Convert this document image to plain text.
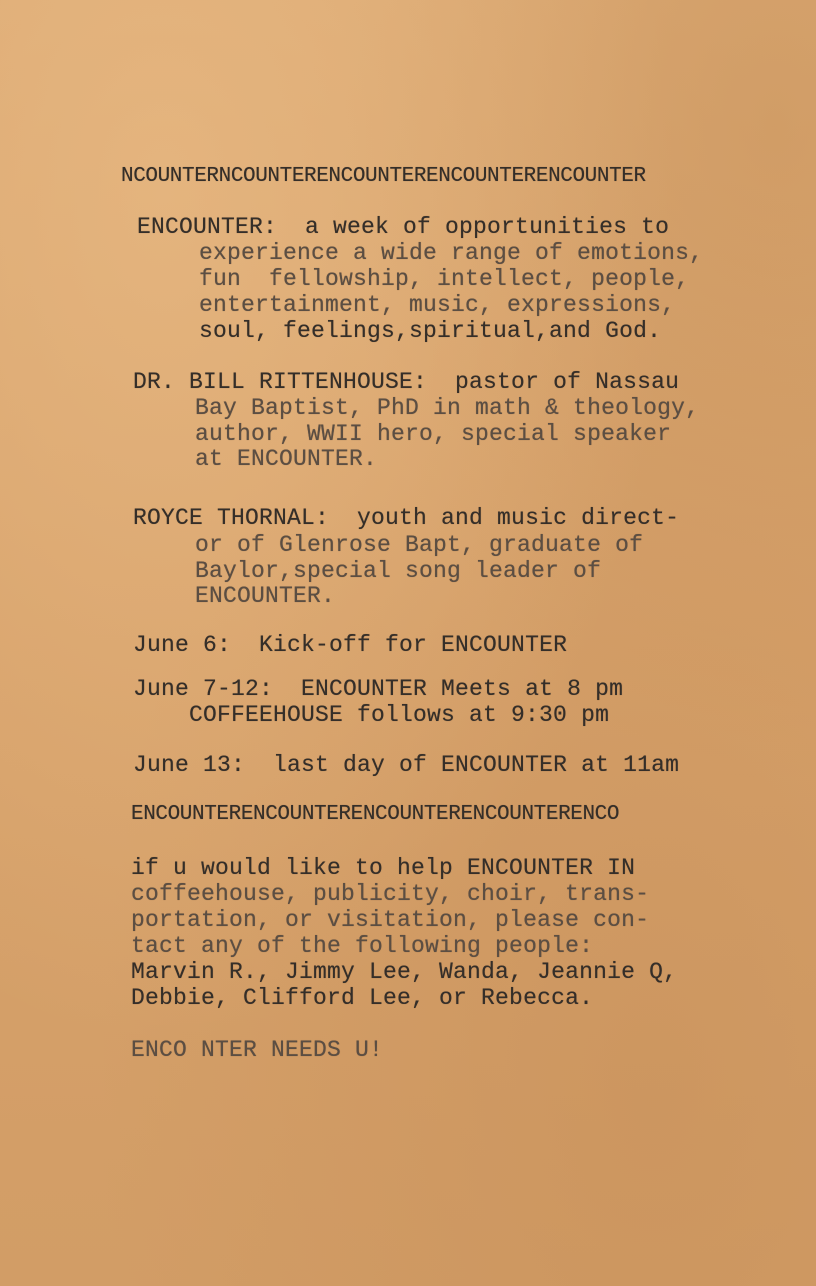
NCOUNTERNCOUNTERENCOUNTERENCOUNTERENCOUNTER
ENCOUNTER:  a week of opportunities to
experience a wide range of emotions,
fun  fellowship, intellect, people,
entertainment, music, expressions,
soul, feelings,spiritual,and God.
DR. BILL RITTENHOUSE:  pastor of Nassau
Bay Baptist, PhD in math & theology,
author, WWII hero, special speaker
at ENCOUNTER.
ROYCE THORNAL:  youth and music direct-
or of Glenrose Bapt, graduate of
Baylor,special song leader of
ENCOUNTER.
June 6:  Kick-off for ENCOUNTER
June 7-12:  ENCOUNTER Meets at 8 pm
COFFEEHOUSE follows at 9:30 pm
June 13:  last day of ENCOUNTER at 11am
ENCOUNTERENCOUNTERENCOUNTERENCOUNTERENCO
if u would like to help ENCOUNTER IN
coffeehouse, publicity, choir, trans-
portation, or visitation, please con-
tact any of the following people:
Marvin R., Jimmy Lee, Wanda, Jeannie Q,
Debbie, Clifford Lee, or Rebecca.
ENCO NTER NEEDS U!
